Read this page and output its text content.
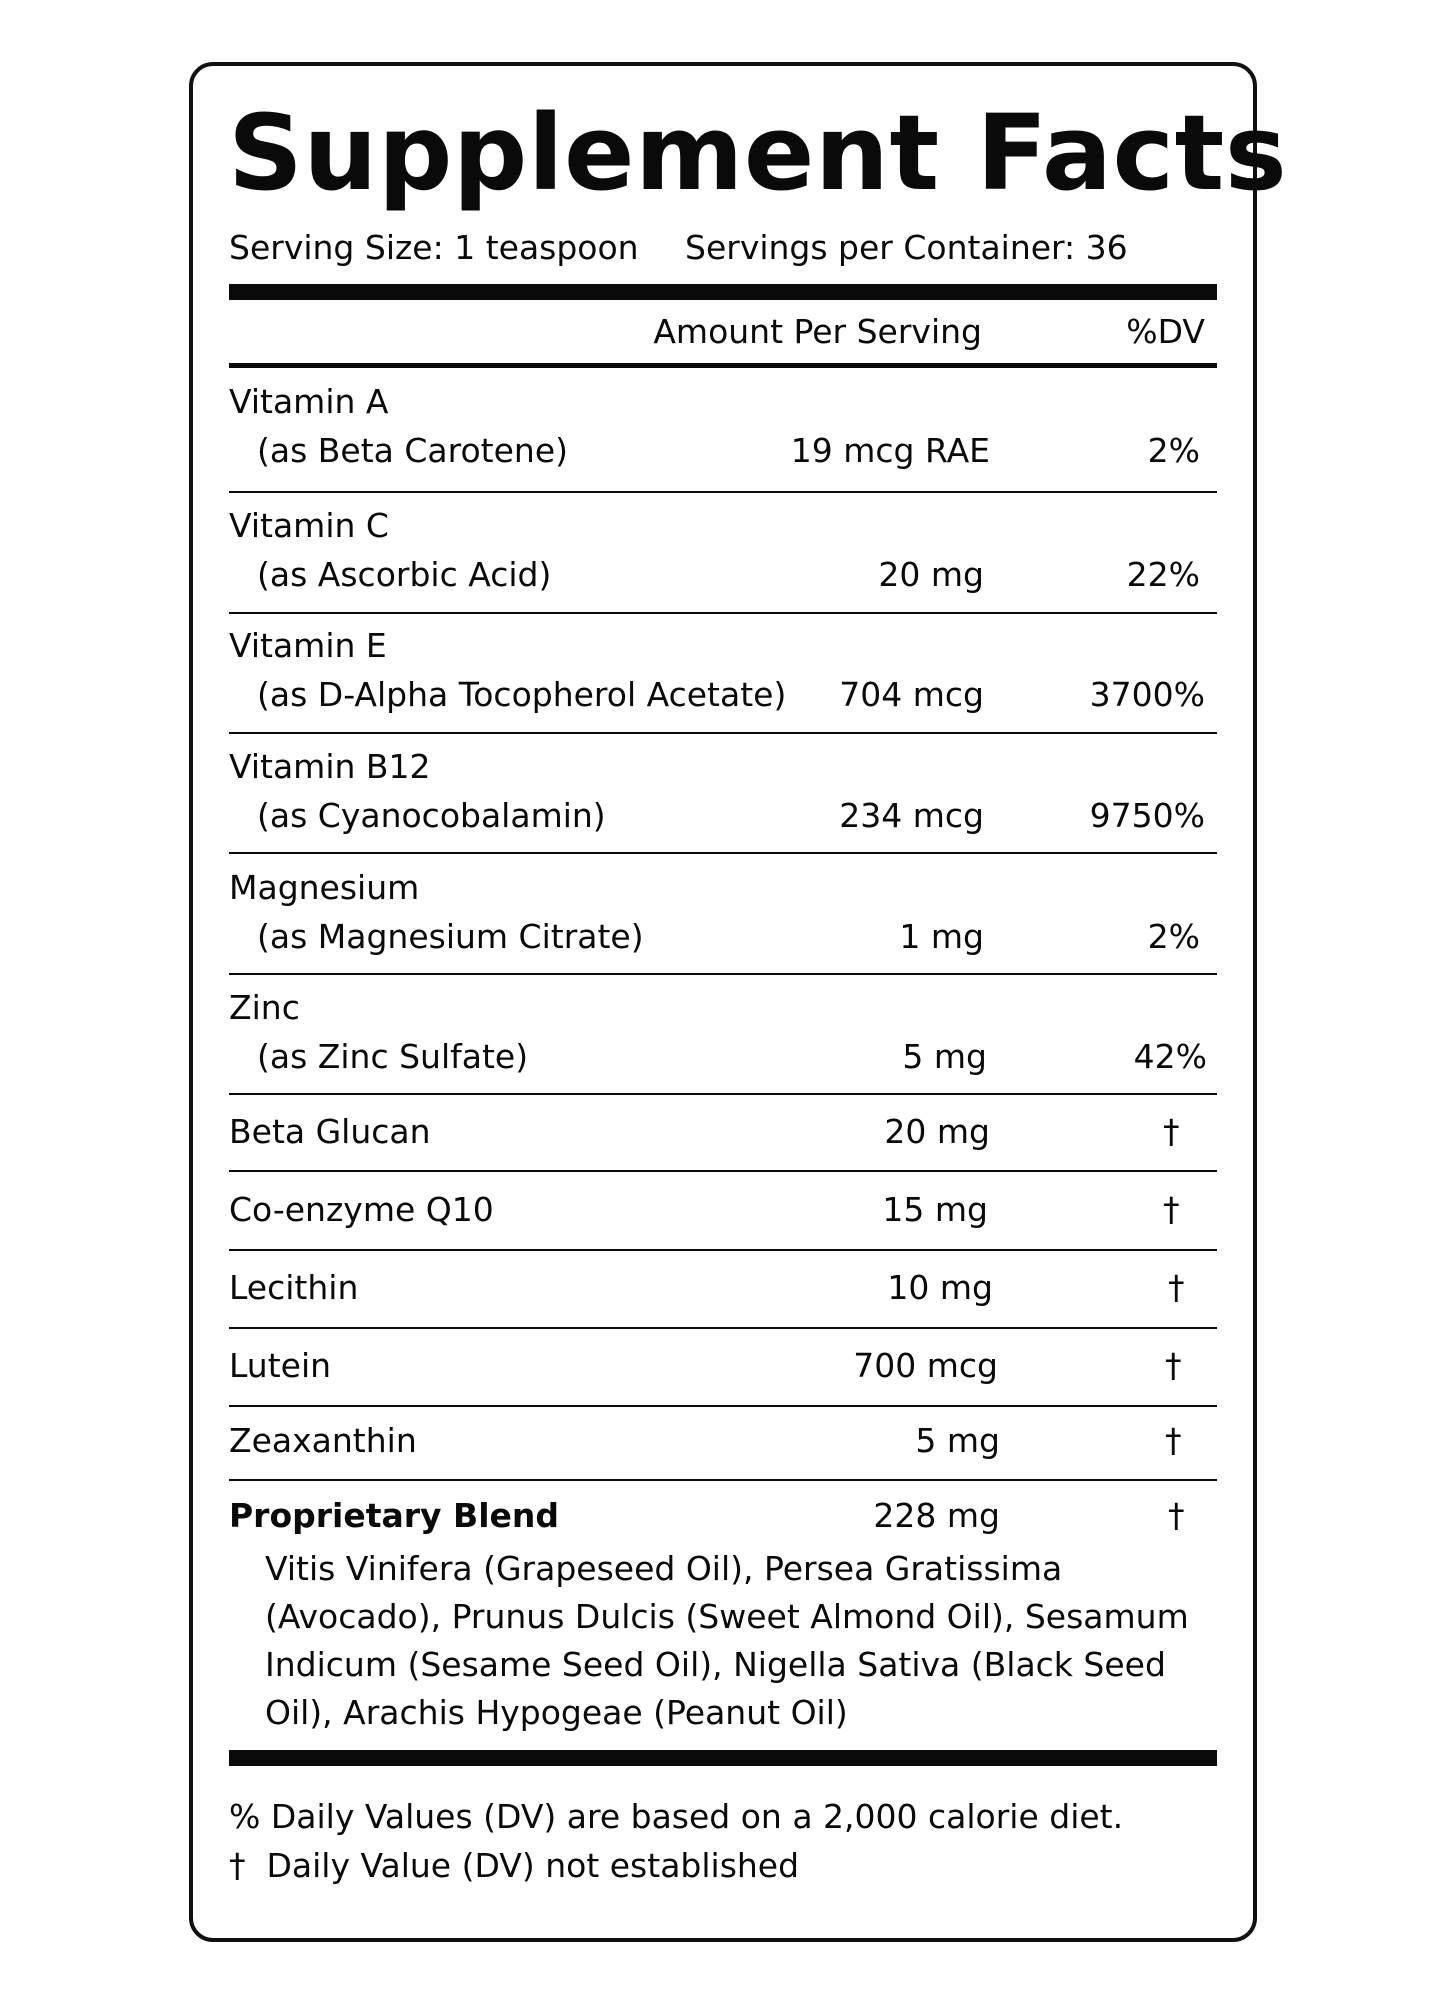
Supplement Facts
Serving Size: 1 teaspoon Servings per Container: 36
Amount Per Serving	%DV
Vitamin A
(as Beta Carotene)	19 mcg RAE	2%
Vitamin C
(as Ascorbic Acid)	20 mg	22%
Vitamin E
(as D-Alpha Tocopherol Acetate)	704 mcg	3700%
Vitamin B12
(as Cyanocobalamin)	234 mcg	9750%
Magnesium
(as Magnesium Citrate)	1 mg	2%
Zinc
(as Zinc Sulfate)	5 mg	42%
Beta Glucan	20 mg	†
Co-enzyme Q10	15 mg	†
Lecithin	10 mg	†
Lutein	700 mcg	†
Zeaxanthin	5 mg	†
Proprietary Blend	228 mg	†
Vitis Vinifera (Grapeseed Oil), Persea Gratissima (Avocado), Prunus Dulcis (Sweet Almond Oil), Sesamum Indicum (Sesame Seed Oil), Nigella Sativa (Black Seed Oil), Arachis Hypogeae (Peanut Oil)
% Daily Values (DV) are based on a 2,000 calorie diet.
†  Daily Value (DV) not established
